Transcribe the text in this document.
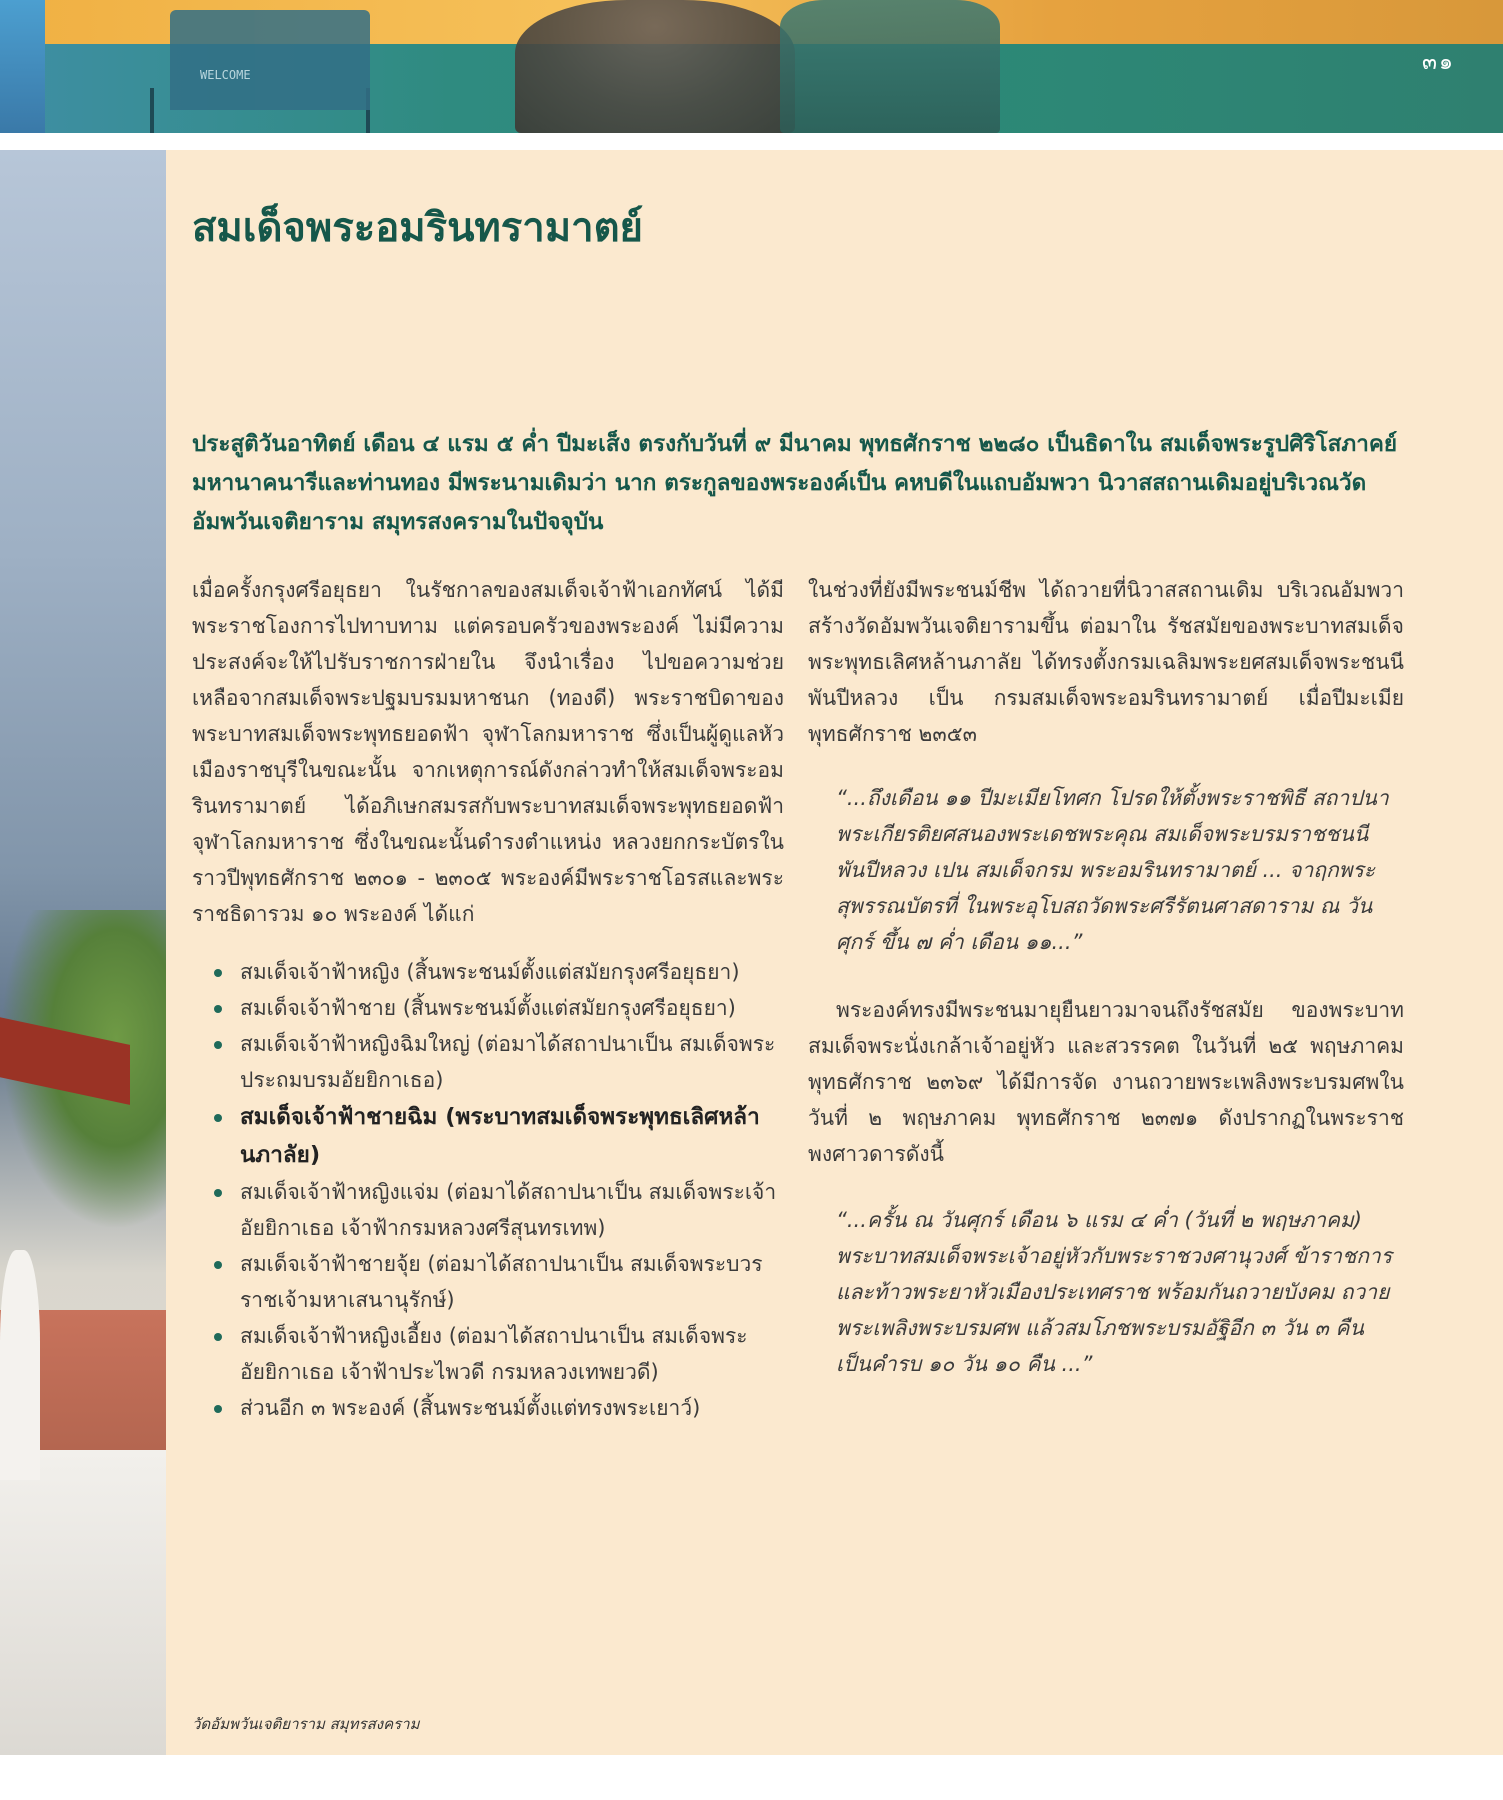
WELCOME	๓๑
สมเด็จพระอมรินทรามาตย์

ประสูติวันอาทิตย์ เดือน ๔ แรม ๕ ค่ำ ปีมะเส็ง ตรงกับวันที่ ๙ มีนาคม พุทธศักราช ๒๒๘๐ เป็นธิดาใน สมเด็จพระรูปศิริโสภาคย์ มหานาคนารีและท่านทอง มีพระนามเดิมว่า นาก ตระกูลของพระองค์เป็น คหบดีในแถบอัมพวา นิวาสสถานเดิมอยู่บริเวณวัดอัมพวันเจติยาราม สมุทรสงครามในปัจจุบัน

เมื่อครั้งกรุงศรีอยุธยา ในรัชกาลของสมเด็จเจ้าฟ้าเอกทัศน์ ได้มีพระราชโองการไปทาบทาม แต่ครอบครัวของพระองค์ ไม่มีความประสงค์จะให้ไปรับราชการฝ่ายใน จึงนำเรื่อง ไปขอความช่วยเหลือจากสมเด็จพระปฐมบรมมหาชนก (ทองดี) พระราชบิดาของพระบาทสมเด็จพระพุทธยอดฟ้า จุฬาโลกมหาราช ซึ่งเป็นผู้ดูแลหัวเมืองราชบุรีในขณะนั้น จากเหตุการณ์ดังกล่าวทำให้สมเด็จพระอมรินทรามาตย์ ได้อภิเษกสมรสกับพระบาทสมเด็จพระพุทธยอดฟ้า จุฬาโลกมหาราช ซึ่งในขณะนั้นดำรงตำแหน่ง หลวงยกกระบัตรในราวปีพุทธศักราช ๒๓๐๑ - ๒๓๐๕ พระองค์มีพระราชโอรสและพระราชธิดารวม ๑๐ พระองค์ ได้แก่

สมเด็จเจ้าฟ้าหญิง (สิ้นพระชนม์ตั้งแต่สมัยกรุงศรีอยุธยา)
สมเด็จเจ้าฟ้าชาย (สิ้นพระชนม์ตั้งแต่สมัยกรุงศรีอยุธยา)
สมเด็จเจ้าฟ้าหญิงฉิมใหญ่ (ต่อมาได้สถาปนาเป็น สมเด็จพระประถมบรมอัยยิกาเธอ)
สมเด็จเจ้าฟ้าชายฉิม (พระบาทสมเด็จพระพุทธเลิศหล้านภาลัย)
สมเด็จเจ้าฟ้าหญิงแจ่ม (ต่อมาได้สถาปนาเป็น สมเด็จพระเจ้าอัยยิกาเธอ เจ้าฟ้ากรมหลวงศรีสุนทรเทพ)
สมเด็จเจ้าฟ้าชายจุ้ย (ต่อมาได้สถาปนาเป็น สมเด็จพระบวรราชเจ้ามหาเสนานุรักษ์)
สมเด็จเจ้าฟ้าหญิงเอี้ยง (ต่อมาได้สถาปนาเป็น สมเด็จพระอัยยิกาเธอ เจ้าฟ้าประไพวดี กรมหลวงเทพยวดี)
ส่วนอีก ๓ พระองค์ (สิ้นพระชนม์ตั้งแต่ทรงพระเยาว์)

ในช่วงที่ยังมีพระชนม์ชีพ ได้ถวายที่นิวาสสถานเดิม บริเวณอัมพวาสร้างวัดอัมพวันเจติยารามขึ้น ต่อมาใน รัชสมัยของพระบาทสมเด็จพระพุทธเลิศหล้านภาลัย ได้ทรงตั้งกรมเฉลิมพระยศสมเด็จพระชนนีพันปีหลวง เป็น กรมสมเด็จพระอมรินทรามาตย์ เมื่อปีมะเมีย พุทธศักราช ๒๓๕๓

“...ถึงเดือน ๑๑ ปีมะเมียโทศก โปรดให้ตั้งพระราชพิธี สถาปนาพระเกียรติยศสนองพระเดชพระคุณ สมเด็จพระบรมราชชนนีพันปีหลวง เปน สมเด็จกรม พระอมรินทรามาตย์ ... จาฤกพระสุพรรณบัตรที่ ในพระอุโบสถวัดพระศรีรัตนศาสดาราม ณ วันศุกร์ ขึ้น ๗ ค่ำ เดือน ๑๑...”

พระองค์ทรงมีพระชนมายุยืนยาวมาจนถึงรัชสมัย ของพระบาทสมเด็จพระนั่งเกล้าเจ้าอยู่หัว และสวรรคต ในวันที่ ๒๕ พฤษภาคม พุทธศักราช ๒๓๖๙ ได้มีการจัด งานถวายพระเพลิงพระบรมศพในวันที่ ๒ พฤษภาคม พุทธศักราช ๒๓๗๑ ดังปรากฏในพระราชพงศาวดารดังนี้

“...ครั้น ณ วันศุกร์ เดือน ๖ แรม ๔ ค่ำ (วันที่ ๒ พฤษภาคม) พระบาทสมเด็จพระเจ้าอยู่หัวกับพระราชวงศานุวงศ์ ข้าราชการและท้าวพระยาหัวเมืองประเทศราช พร้อมกันถวายบังคม ถวายพระเพลิงพระบรมศพ แล้วสมโภชพระบรมอัฐิอีก ๓ วัน ๓ คืน เป็นคำรบ ๑๐ วัน ๑๐ คืน ...”

วัดอัมพวันเจติยาราม สมุทรสงคราม
